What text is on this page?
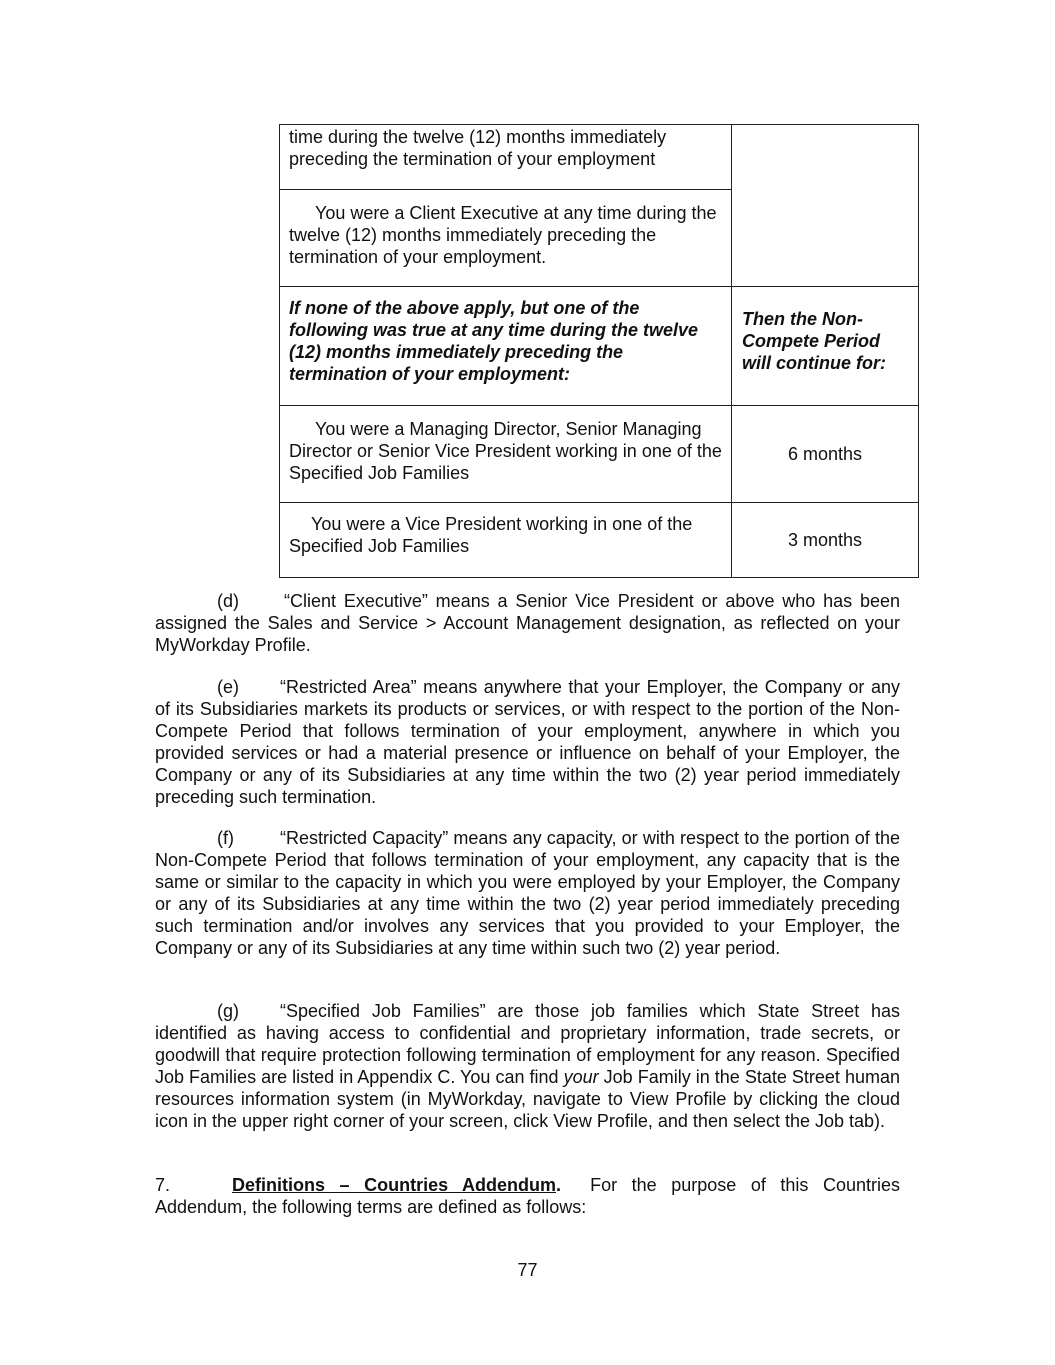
time during the twelve (12) months immediately preceding the termination of your employment	

You were a Client Executive at any time during the twelve (12) months immediately preceding the termination of your employment.	

If none of the above apply, but one of the following was true at any time during the twelve (12) months immediately preceding the termination of your employment:	Then the Non-Compete Period will continue for:

You were a Managing Director, Senior Managing Director or Senior Vice President working in one of the Specified Job Families	6 months

You were a Vice President working in one of the Specified Job Families	3 months
(d)	“Client Executive” means a Senior Vice President or above who has been assigned the Sales and Service > Account Management designation, as reflected on your MyWorkday Profile.
(e) “Restricted Area” means anywhere that your Employer, the Company or any of its Subsidiaries markets its products or services, or with respect to the portion of the Non-Compete Period that follows termination of your employment, anywhere in which you provided services or had a material presence or influence on behalf of your Employer, the Company or any of its Subsidiaries at any time within the two (2) year period immediately preceding such termination.
(f)	“Restricted Capacity” means any capacity, or with respect to the portion of the Non-Compete Period that follows termination of your employment, any capacity that is the same or similar to the capacity in which you were employed by your Employer, the Company or any of its Subsidiaries at any time within the two (2) year period immediately preceding such termination and/or involves any services that you provided to your Employer, the Company or any of its Subsidiaries at any time within such two (2) year period.
(g) “Specified Job Families” are those job families which State Street has identified as having access to confidential and proprietary information, trade secrets, or goodwill that require protection following termination of employment for any reason. Specified Job Families are listed in Appendix C. You can find your Job Family in the State Street human resources information system (in MyWorkday, navigate to View Profile by clicking the cloud icon in the upper right corner of your screen, click View Profile, and then select the Job tab).
7.	Definitions – Countries Addendum.  For the purpose of this Countries Addendum, the following terms are defined as follows:
77
